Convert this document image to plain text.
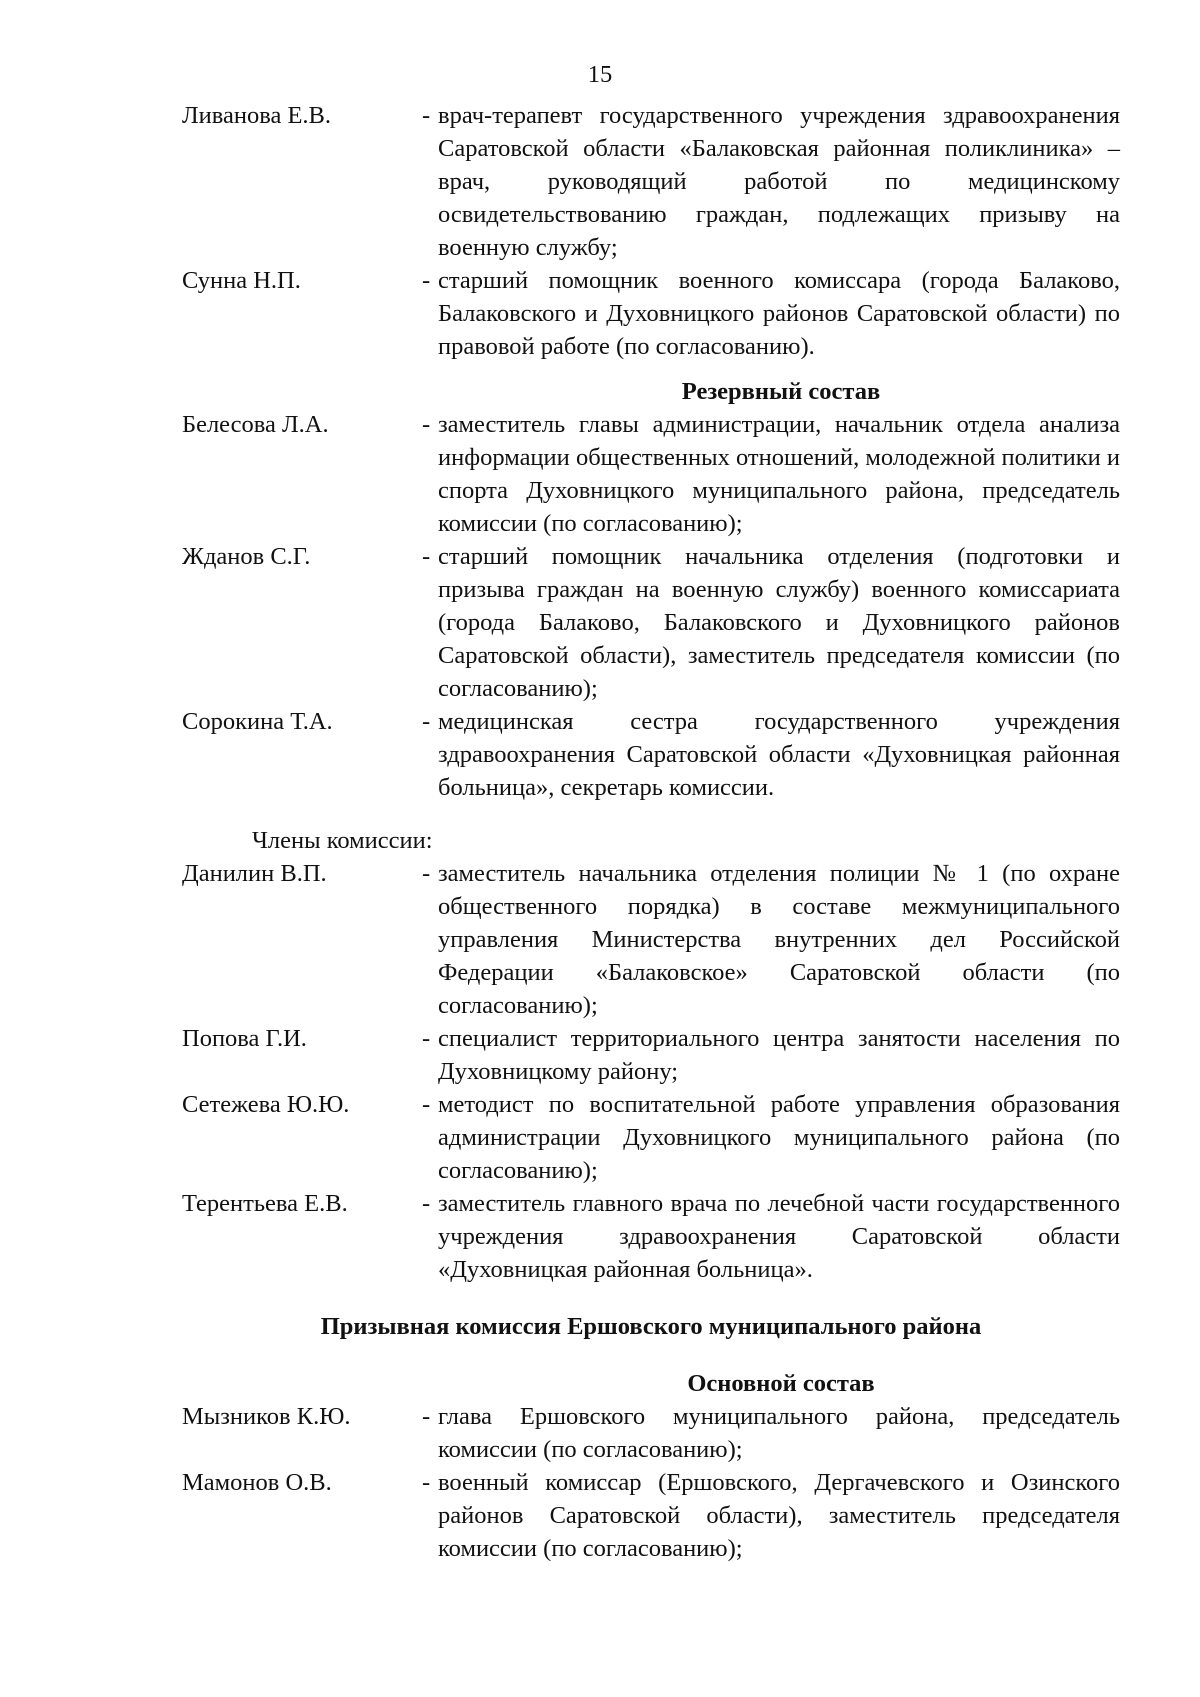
15
Ливанова Е.В.	- врач-терапевт государственного учреждения здравоохранения Саратовской области «Балаковская районная поликлиника» – врач, руководящий работой по медицинскому освидетельствованию граждан, подлежащих призыву на военную службу;
Сунна Н.П.	- старший помощник военного комиссара (города Балаково, Балаковского и Духовницкого районов Саратовской области) по правовой работе (по согласованию).
Резервный состав
Белесова Л.А.	- заместитель главы администрации, начальник отдела анализа информации общественных отношений, молодежной политики и спорта Духовницкого муниципального района, председатель комиссии (по согласованию);
Жданов С.Г.	- старший помощник начальника отделения (подготовки и призыва граждан на военную службу) военного комиссариата (города Балаково, Балаковского и Духовницкого районов Саратовской области), заместитель председателя комиссии (по согласованию);
Сорокина Т.А.	- медицинская сестра государственного учреждения здравоохранения Саратовской области «Духовницкая районная больница», секретарь комиссии.
Члены комиссии:
Данилин В.П.	- заместитель начальника отделения полиции № 1 (по охране общественного порядка) в составе межмуниципального управления Министерства внутренних дел Российской Федерации «Балаковское» Саратовской области (по согласованию);
Попова Г.И.	- специалист территориального центра занятости населения по Духовницкому району;
Сетежева Ю.Ю.	- методист по воспитательной работе управления образования администрации Духовницкого муниципального района (по согласованию);
Терентьева Е.В.	- заместитель главного врача по лечебной части государственного учреждения здравоохранения Саратовской области «Духовницкая районная больница».
Призывная комиссия Ершовского муниципального района
Основной состав
Мызников К.Ю.	- глава Ершовского муниципального района, председатель комиссии (по согласованию);
Мамонов О.В.	- военный комиссар (Ершовского, Дергачевского и Озинского районов Саратовской области), заместитель председателя комиссии (по согласованию);
